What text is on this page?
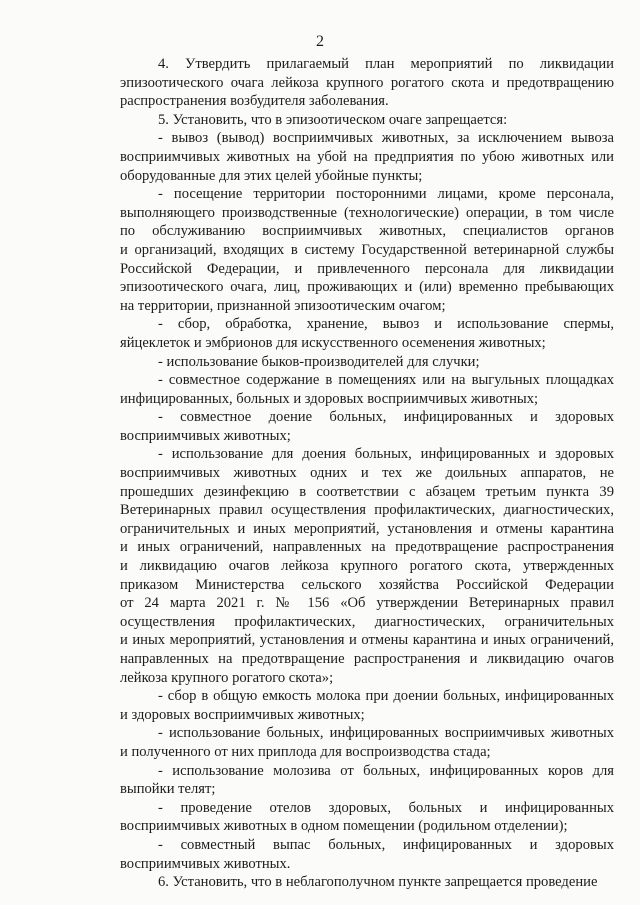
2
4. Утвердить прилагаемый план мероприятий по ликвидации
эпизоотического очага лейкоза крупного рогатого скота и предотвращению
распространения возбудителя заболевания.
5. Установить, что в эпизоотическом очаге запрещается:
- вывоз (вывод) восприимчивых животных, за исключением вывоза
восприимчивых животных на убой на предприятия по убою животных или
оборудованные для этих целей убойные пункты;
- посещение территории посторонними лицами, кроме персонала,
выполняющего производственные (технологические) операции, в том числе
по обслуживанию восприимчивых животных, специалистов органов
и организаций, входящих в систему Государственной ветеринарной службы
Российской Федерации, и привлеченного персонала для ликвидации
эпизоотического очага, лиц, проживающих и (или) временно пребывающих
на территории, признанной эпизоотическим очагом;
- сбор, обработка, хранение, вывоз и использование спермы,
яйцеклеток и эмбрионов для искусственного осеменения животных;
- использование быков-производителей для случки;
- совместное содержание в помещениях или на выгульных площадках
инфицированных, больных и здоровых восприимчивых животных;
- совместное доение больных, инфицированных и здоровых
восприимчивых животных;
- использование для доения больных, инфицированных и здоровых
восприимчивых животных одних и тех же доильных аппаратов, не
прошедших дезинфекцию в соответствии с абзацем третьим пункта 39
Ветеринарных правил осуществления профилактических, диагностических,
ограничительных и иных мероприятий, установления и отмены карантина
и иных ограничений, направленных на предотвращение распространения
и ликвидацию очагов лейкоза крупного рогатого скота, утвержденных
приказом Министерства сельского хозяйства Российской Федерации
от 24 марта 2021 г. № 156 «Об утверждении Ветеринарных правил
осуществления профилактических, диагностических, ограничительных
и иных мероприятий, установления и отмены карантина и иных ограничений,
направленных на предотвращение распространения и ликвидацию очагов
лейкоза крупного рогатого скота»;
- сбор в общую емкость молока при доении больных, инфицированных
и здоровых восприимчивых животных;
- использование больных, инфицированных восприимчивых животных
и полученного от них приплода для воспроизводства стада;
- использование молозива от больных, инфицированных коров для
выпойки телят;
- проведение отелов здоровых, больных и инфицированных
восприимчивых животных в одном помещении (родильном отделении);
- совместный выпас больных, инфицированных и здоровых
восприимчивых животных.
6. Установить, что в неблагополучном пункте запрещается проведение
